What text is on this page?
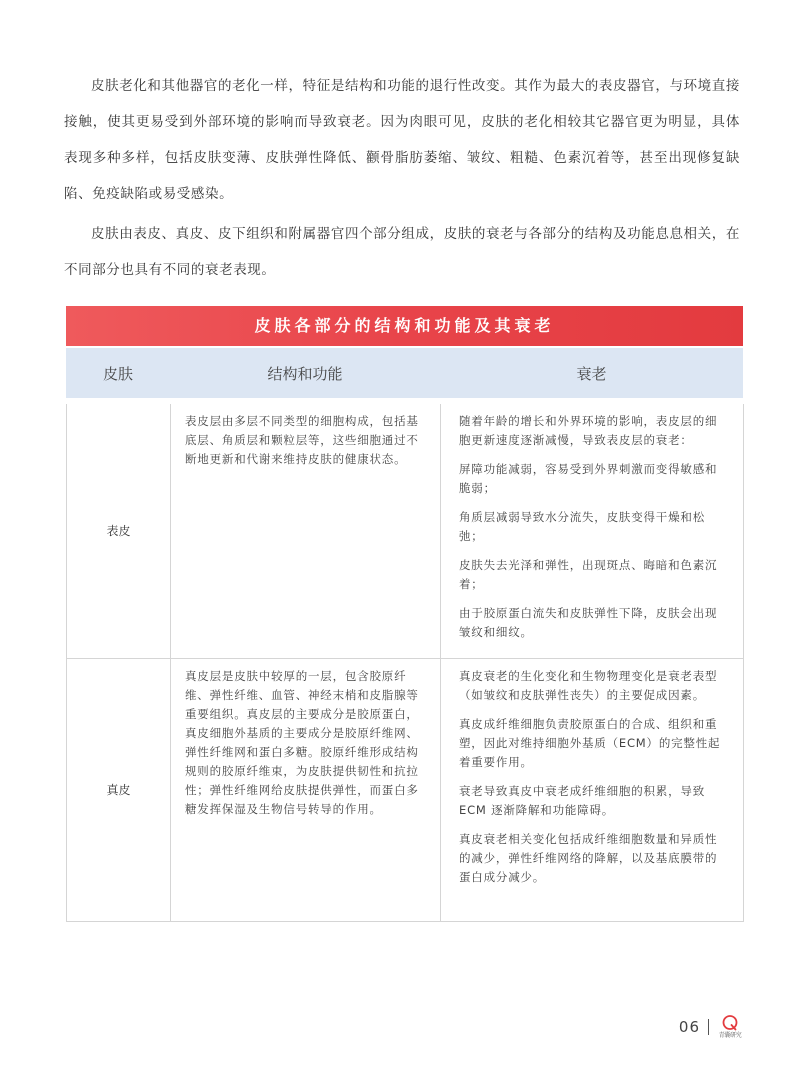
皮肤老化和其他器官的老化一样，特征是结构和功能的退行性改变。其作为最大的表皮器官，与环境直接接触，使其更易受到外部环境的影响而导致衰老。因为肉眼可见，皮肤的老化相较其它器官更为明显，具体表现多种多样，包括皮肤变薄、皮肤弹性降低、颧骨脂肪萎缩、皱纹、粗糙、色素沉着等，甚至出现修复缺陷、免疫缺陷或易受感染。

皮肤由表皮、真皮、皮下组织和附属器官四个部分组成，皮肤的衰老与各部分的结构及功能息息相关，在不同部分也具有不同的衰老表现。

皮肤各部分的结构和功能及其衰老
皮肤	结构和功能	衰老
表皮	表皮层由多层不同类型的细胞构成，包括基底层、角质层和颗粒层等，这些细胞通过不断地更新和代谢来维持皮肤的健康状态。	随着年龄的增长和外界环境的影响，表皮层的细胞更新速度逐渐减慢，导致表皮层的衰老：

屏障功能减弱，容易受到外界刺激而变得敏感和脆弱；

角质层减弱导致水分流失，皮肤变得干燥和松弛；

皮肤失去光泽和弹性，出现斑点、晦暗和色素沉着；

由于胶原蛋白流失和皮肤弹性下降，皮肤会出现皱纹和细纹。

真皮	真皮层是皮肤中较厚的一层，包含胶原纤维、弹性纤维、血管、神经末梢和皮脂腺等重要组织。真皮层的主要成分是胶原蛋白，真皮细胞外基质的主要成分是胶原纤维网、弹性纤维网和蛋白多糖。胶原纤维形成结构规则的胶原纤维束，为皮肤提供韧性和抗拉性；弹性纤维网给皮肤提供弹性，而蛋白多糖发挥保湿及生物信号转导的作用。	真皮衰老的生化变化和生物物理变化是衰老表型（如皱纹和皮肤弹性丧失）的主要促成因素。

真皮成纤维细胞负责胶原蛋白的合成、组织和重塑，因此对维持细胞外基质（ECM）的完整性起着重要作用。

衰老导致真皮中衰老成纤维细胞的积累，导致 ECM 逐渐降解和功能障碍。

真皮衰老相关变化包括成纤维细胞数量和异质性的减少，弹性纤维网络的降解，以及基底膜带的蛋白成分减少。

06	青囊研究
